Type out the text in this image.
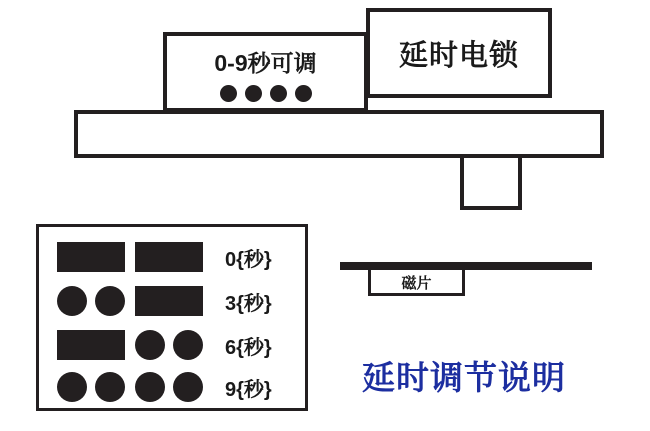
延时电锁
0-9秒可调
磁片
0{秒}
3{秒}
6{秒}
9{秒}	延时调节说明
